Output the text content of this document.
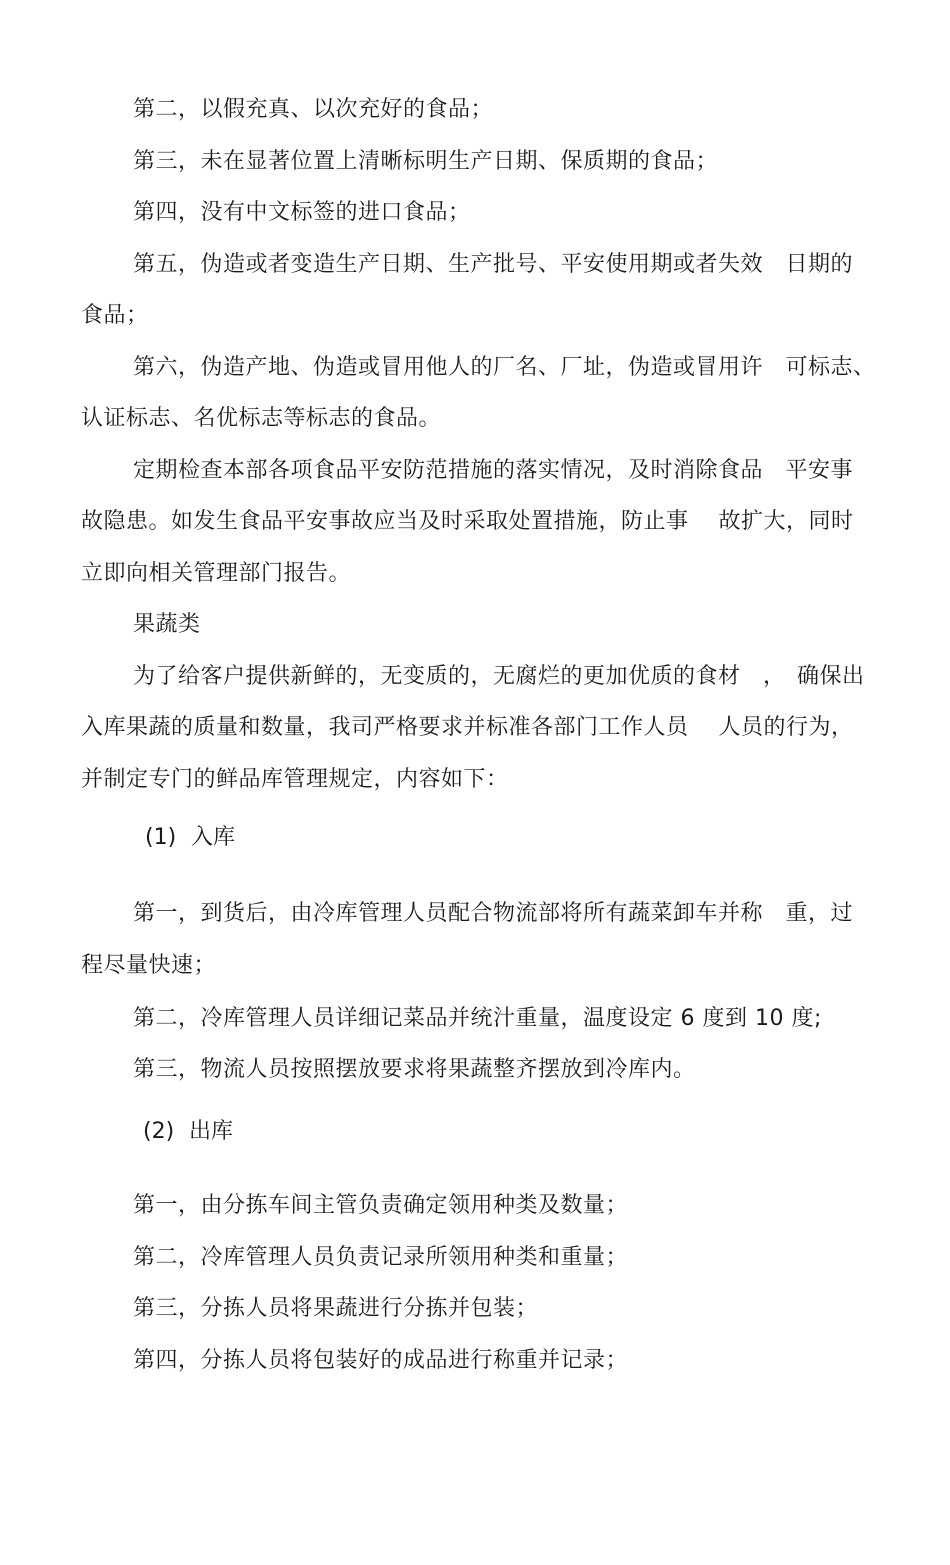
第二，以假充真、以次充好的食品；
第三，未在显著位置上清晰标明生产日期、保质期的食品；
第四，没有中文标签的进口食品；
第五，伪造或者变造生产日期、生产批号、平安使用期或者失效　日期的
食品；
第六，伪造产地、伪造或冒用他人的厂名、厂址，伪造或冒用许　可标志、
认证标志、名优标志等标志的食品。
定期检查本部各项食品平安防范措施的落实情况，及时消除食品　平安事
故隐患。如发生食品平安事故应当及时采取处置措施，防止事　 故扩大，同时
立即向相关管理部门报告。
果蔬类
为了给客户提供新鲜的，无变质的，无腐烂的更加优质的食材　，　确保出
入库果蔬的质量和数量，我司严格要求并标准各部门工作人员　 人员的行为，
并制定专门的鲜品库管理规定，内容如下：
(1) 入库
第一，到货后，由冷库管理人员配合物流部将所有蔬菜卸车并称　重，过
程尽量快速；
第二，冷库管理人员详细记菜品并统汁重量，温度设定 6 度到 10 度;
第三，物流人员按照摆放要求将果蔬整齐摆放到冷库内。
(2) 出库
第一，由分拣车间主管负责确定领用种类及数量；
第二，冷库管理人员负责记录所领用种类和重量；
第三，分拣人员将果蔬进行分拣并包装；
第四，分拣人员将包装好的成品进行称重并记录；
